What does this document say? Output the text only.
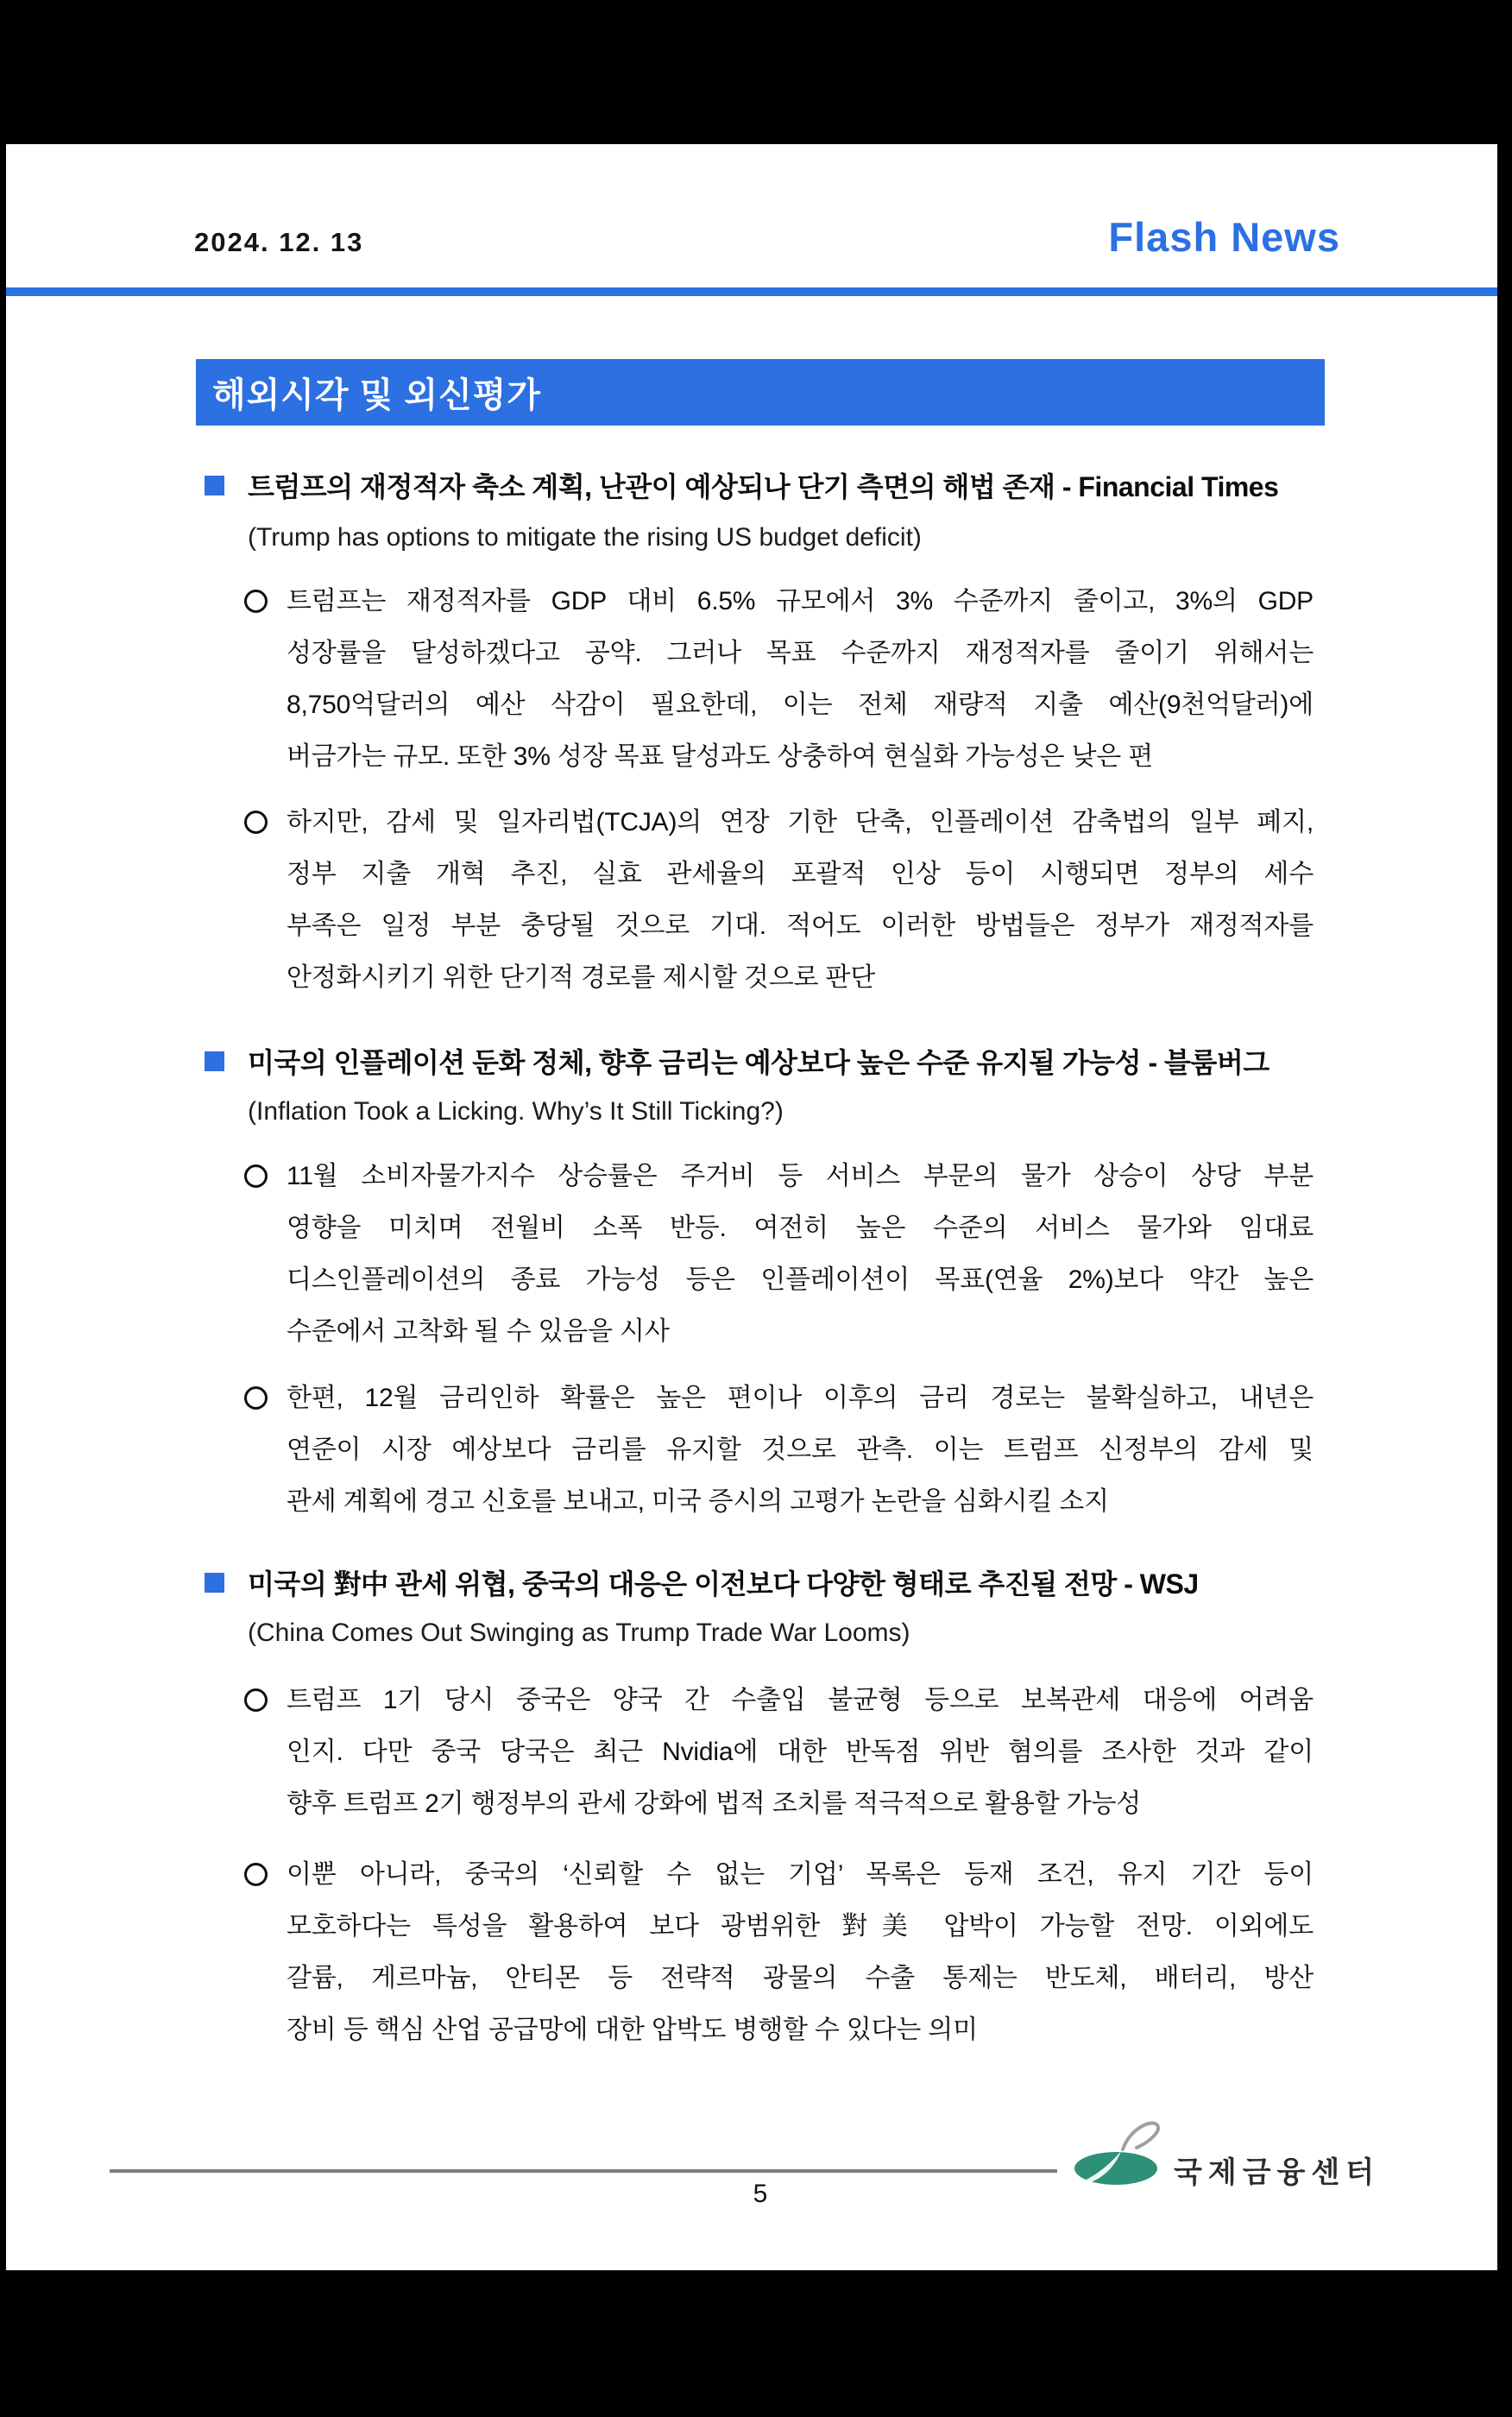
2024. 12. 13	Flash News
해외시각 및 외신평가
트럼프의 재정적자 축소 계획, 난관이 예상되나 단기 측면의 해법 존재 - Financial Times
(Trump has options to mitigate the rising US budget deficit)
트럼프는 재정적자를 GDP 대비 6.5% 규모에서 3% 수준까지 줄이고, 3%의 GDP
성장률을 달성하겠다고 공약. 그러나 목표 수준까지 재정적자를 줄이기 위해서는
8,750억달러의 예산 삭감이 필요한데, 이는 전체 재량적 지출 예산(9천억달러)에
버금가는 규모. 또한 3% 성장 목표 달성과도 상충하여 현실화 가능성은 낮은 편
하지만, 감세 및 일자리법(TCJA)의 연장 기한 단축, 인플레이션 감축법의 일부 폐지,
정부 지출 개혁 추진, 실효 관세율의 포괄적 인상 등이 시행되면 정부의 세수
부족은 일정 부분 충당될 것으로 기대. 적어도 이러한 방법들은 정부가 재정적자를
안정화시키기 위한 단기적 경로를 제시할 것으로 판단
미국의 인플레이션 둔화 정체, 향후 금리는 예상보다 높은 수준 유지될 가능성 - 블룸버그
(Inflation Took a Licking. Why’s It Still Ticking?)
11월 소비자물가지수 상승률은 주거비 등 서비스 부문의 물가 상승이 상당 부분
영향을 미치며 전월비 소폭 반등. 여전히 높은 수준의 서비스 물가와 임대료
디스인플레이션의 종료 가능성 등은 인플레이션이 목표(연율 2%)보다 약간 높은
수준에서 고착화 될 수 있음을 시사
한편, 12월 금리인하 확률은 높은 편이나 이후의 금리 경로는 불확실하고, 내년은
연준이 시장 예상보다 금리를 유지할 것으로 관측. 이는 트럼프 신정부의 감세 및
관세 계획에 경고 신호를 보내고, 미국 증시의 고평가 논란을 심화시킬 소지
미국의 對中 관세 위협, 중국의 대응은 이전보다 다양한 형태로 추진될 전망 - WSJ
(China Comes Out Swinging as Trump Trade War Looms)
트럼프 1기 당시 중국은 양국 간 수출입 불균형 등으로 보복관세 대응에 어려움
인지. 다만 중국 당국은 최근 Nvidia에 대한 반독점 위반 혐의를 조사한 것과 같이
향후 트럼프 2기 행정부의 관세 강화에 법적 조치를 적극적으로 활용할 가능성
이뿐 아니라, 중국의 ‘신뢰할 수 없는 기업’ 목록은 등재 조건, 유지 기간 등이
모호하다는 특성을 활용하여 보다 광범위한 對美 압박이 가능할 전망. 이외에도
갈륨, 게르마늄, 안티몬 등 전략적 광물의 수출 통제는 반도체, 배터리, 방산
장비 등 핵심 산업 공급망에 대한 압박도 병행할 수 있다는 의미
국제금융센터
5
